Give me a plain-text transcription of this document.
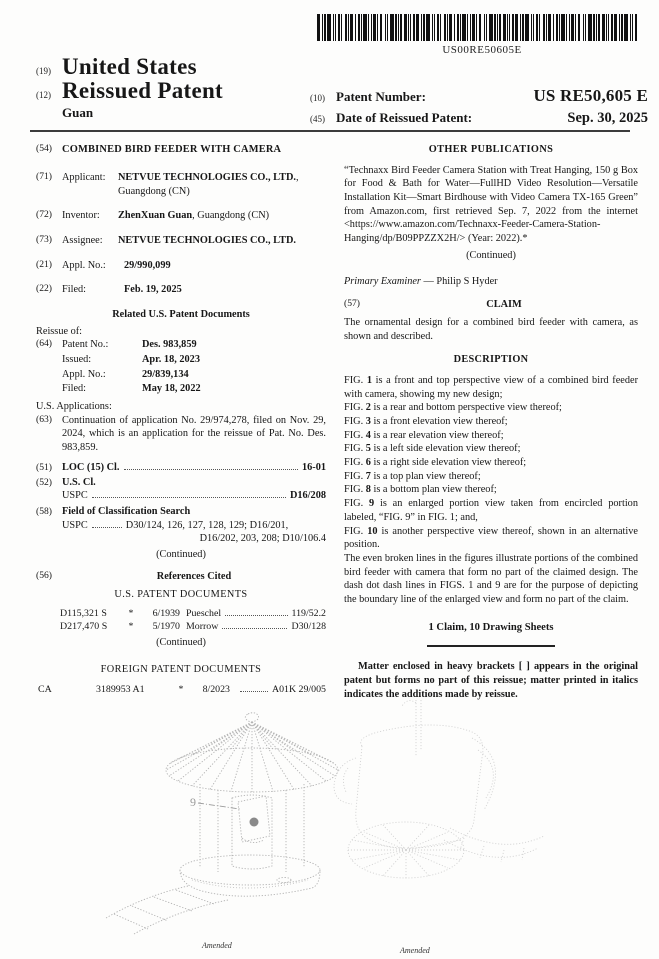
US00RE50605E
(19) United States
(12) Reissued Patent
Guan
(10) Patent Number:	US RE50,605 E
(45) Date of Reissued Patent:	Sep. 30, 2025
(54) COMBINED BIRD FEEDER WITH CAMERA
(71) Applicant:	NETVUE TECHNOLOGIES CO., LTD., Guangdong (CN)
(72) Inventor:	ZhenXuan Guan, Guangdong (CN)
(73) Assignee:	NETVUE TECHNOLOGIES CO., LTD.
(21) Appl. No.:	29/990,099
(22) Filed:	Feb. 19, 2025
Related U.S. Patent Documents
Reissue of:
(64) Patent No.:	Des. 983,859
Issued:	Apr. 18, 2023
Appl. No.:	29/839,134
Filed:	May 18, 2022
U.S. Applications:
(63) Continuation of application No. 29/974,278, filed on Nov. 29, 2024, which is an application for the reissue of Pat. No. Des. 983,859.
(51) LOC (15) Cl.	16-01
(52) U.S. Cl.
USPC	D16/208
(58) Field of Classification Search
USPC	D30/124, 126, 127, 128, 129; D16/201,
D16/202, 203, 208; D10/106.4
(Continued)
(56)	References Cited
U.S. PATENT DOCUMENTS
D115,321 S	*	6/1939 Pueschel	119/52.2
D217,470 S	*	5/1970 Morrow	D30/128
(Continued)
FOREIGN PATENT DOCUMENTS
CA	3189953 A1	*	8/2023	A01K 29/005
OTHER PUBLICATIONS
“Technaxx Bird Feeder Camera Station with Treat Hanging, 150 g Box for Food & Bath for Water—FullHD Video Resolution—Versatile Installation Kit—Smart Birdhouse with Video Camera TX-165 Green” from Amazon.com, first retrieved Sep. 7, 2022 from the internet <https://www.amazon.com/Technaxx-Feeder-Camera-Station-Hanging/dp/B09PPZZX2H/> (Year: 2022).*
(Continued)
Primary Examiner — Philip S Hyder
(57)	CLAIM
The ornamental design for a combined bird feeder with camera, as shown and described.
DESCRIPTION
FIG. 1 is a front and top perspective view of a combined bird feeder with camera, showing my new design;
FIG. 2 is a rear and bottom perspective view thereof;
FIG. 3 is a front elevation view thereof;
FIG. 4 is a rear elevation view thereof;
FIG. 5 is a left side elevation view thereof;
FIG. 6 is a right side elevation view thereof;
FIG. 7 is a top plan view thereof;
FIG. 8 is a bottom plan view thereof;
FIG. 9 is an enlarged portion view taken from encircled portion labeled, “FIG. 9” in FIG. 1; and,
FIG. 10 is another perspective view thereof, shown in an alternative position.
The even broken lines in the figures illustrate portions of the combined bird feeder with camera that form no part of the claimed design. The dash dot dash lines in FIGS. 1 and 9 are for the purpose of depicting the boundary line of the enlarged view and form no part of the claim.
1 Claim, 10 Drawing Sheets
Matter enclosed in heavy brackets [ ] appears in the original patent but forms no part of this reissue; matter printed in italics indicates the additions made by reissue.
9
Amended
Amended
